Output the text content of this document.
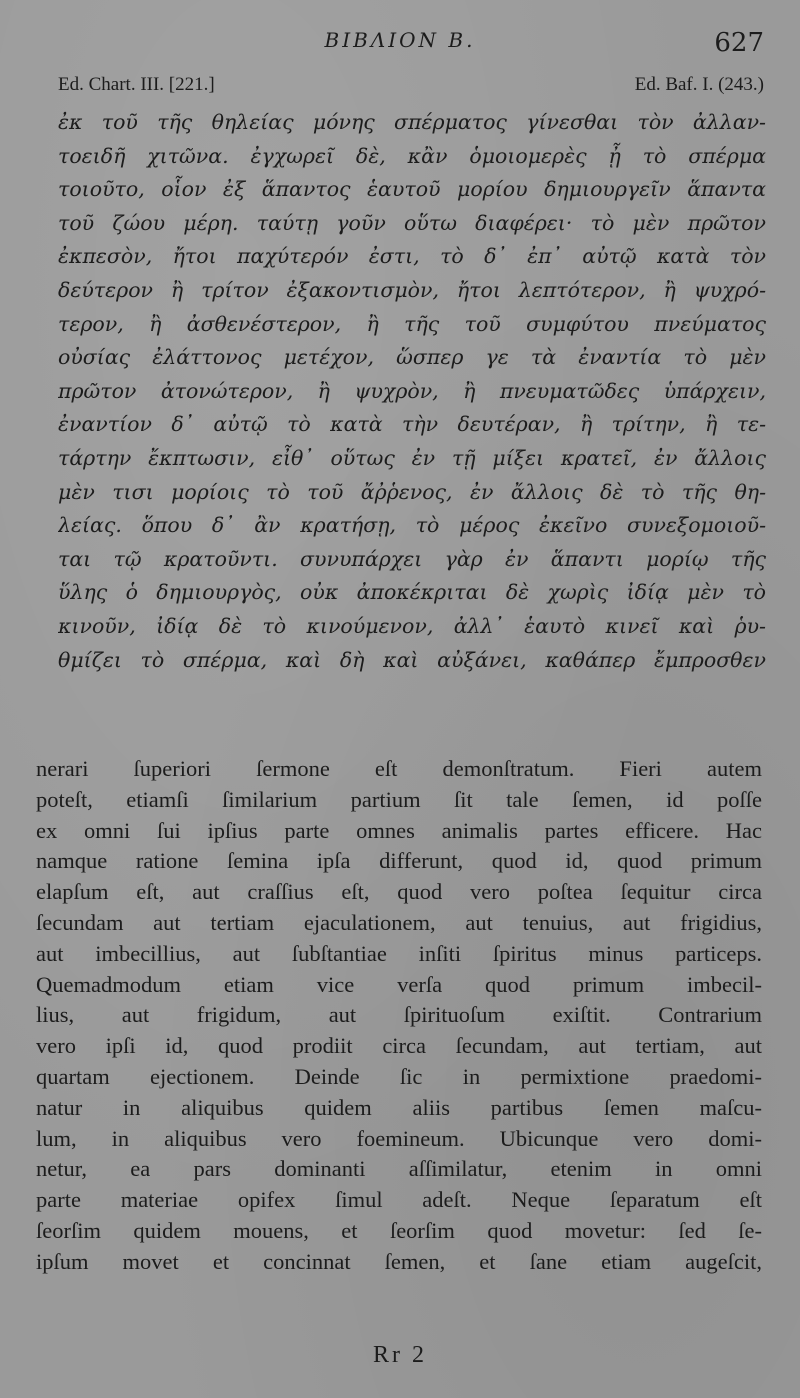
ΒΙΒΛΙΟΝ Β.	627
Ed. Chart. III. [221.]	Ed. Baf. I. (243.)
ἐκ τοῦ τῆς θηλείας μόνης σπέρματος γίνεσθαι τὸν ἀλλαν-
τοειδῆ χιτῶνα. ἐγχωρεῖ δὲ, κἂν ὁμοιομερὲς ᾖ τὸ σπέρμα
τοιοῦτο, οἷον ἐξ ἅπαντος ἑαυτοῦ μορίου δημιουργεῖν ἅπαντα
τοῦ ζώου μέρη. ταύτῃ γοῦν οὕτω διαφέρει· τὸ μὲν πρῶτον
ἐκπεσὸν, ἤτοι παχύτερόν ἐστι, τὸ δ᾿ ἐπ᾿ αὐτῷ κατὰ τὸν
δεύτερον ἢ τρίτον ἐξακοντισμὸν, ἤτοι λεπτότερον, ἢ ψυχρό-
τερον, ἢ ἀσθενέστερον, ἢ τῆς τοῦ συμφύτου πνεύματος
οὐσίας ἐλάττονος μετέχον, ὥσπερ γε τὰ ἐναντία τὸ μὲν
πρῶτον ἀτονώτερον, ἢ ψυχρὸν, ἢ πνευματῶδες ὑπάρχειν,
ἐναντίον δ᾿ αὐτῷ τὸ κατὰ τὴν δευτέραν, ἢ τρίτην, ἢ τε-
τάρτην ἔκπτωσιν, εἶθ᾿ οὕτως ἐν τῇ μίξει κρατεῖ, ἐν ἄλλοις
μὲν τισι μορίοις τὸ τοῦ ἄῤῥενος, ἐν ἄλλοις δὲ τὸ τῆς θη-
λείας. ὅπου δ᾿ ἂν κρατήσῃ, τὸ μέρος ἐκεῖνο συνεξομοιοῦ-
ται τῷ κρατοῦντι. συνυπάρχει γὰρ ἐν ἅπαντι μορίῳ τῆς
ὕλης ὁ δημιουργὸς, οὐκ ἀποκέκριται δὲ χωρὶς ἰδίᾳ μὲν τὸ
κινοῦν, ἰδίᾳ δὲ τὸ κινούμενον, ἀλλ᾿ ἑαυτὸ κινεῖ καὶ ῥυ-
θμίζει τὸ σπέρμα, καὶ δὴ καὶ αὐξάνει, καθάπερ ἔμπροσθεν
nerari ſuperiori ſermone eſt demonſtratum. Fieri autem
poteſt, etiamſi ſimilarium partium ſit tale ſemen, id poſſe
ex omni ſui ipſius parte omnes animalis partes efficere. Hac
namque ratione ſemina ipſa differunt, quod id, quod primum
elapſum eſt, aut craſſius eſt, quod vero poſtea ſequitur circa
ſecundam aut tertiam ejaculationem, aut tenuius, aut frigidius,
aut imbecillius, aut ſubſtantiae inſiti ſpiritus minus particeps.
Quemadmodum etiam vice verſa quod primum imbecil-
lius, aut frigidum, aut ſpirituoſum exiſtit. Contrarium
vero ipſi id, quod prodiit circa ſecundam, aut tertiam, aut
quartam ejectionem. Deinde ſic in permixtione praedomi-
natur in aliquibus quidem aliis partibus ſemen maſcu-
lum, in aliquibus vero foemineum. Ubicunque vero domi-
netur, ea pars dominanti aſſimilatur, etenim in omni
parte materiae opifex ſimul adeſt. Neque ſeparatum eſt
ſeorſim quidem mouens, et ſeorſim quod movetur: ſed ſe-
ipſum movet et concinnat ſemen, et ſane etiam augeſcit,
Rr 2
